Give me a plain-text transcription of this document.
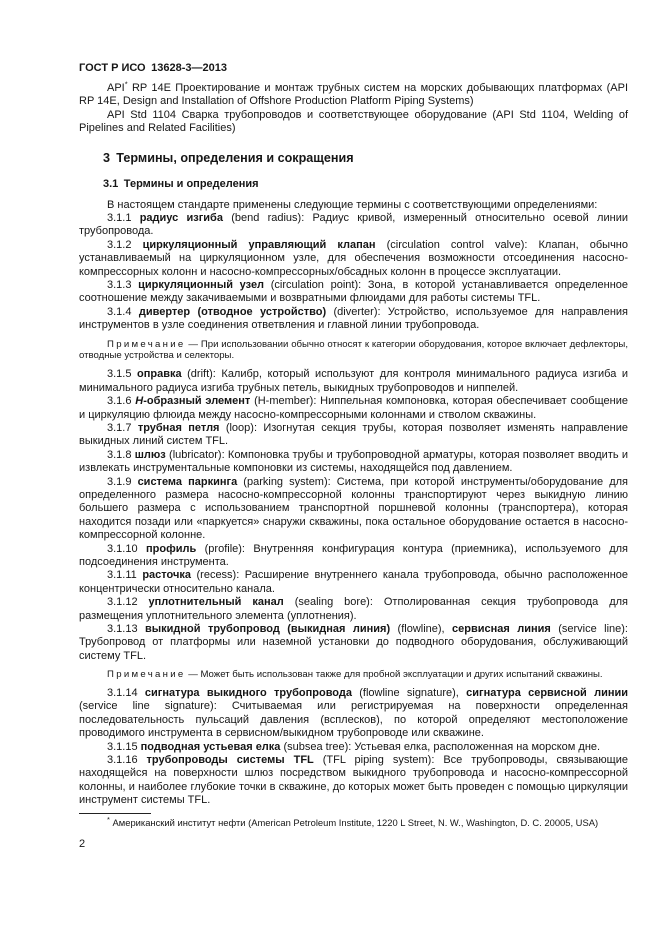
ГОСТ Р ИСО 13628-3—2013

API* RP 14E Проектирование и монтаж трубных систем на морских добывающих платформах (API RP 14E, Design and Installation of Offshore Production Platform Piping Systems)

API Std 1104 Сварка трубопроводов и соответствующее оборудование (API Std 1104, Welding of Pipelines and Related Facilities)

3 Термины, определения и сокращения
3.1 Термины и определения

В настоящем стандарте применены следующие термины с соответствующими определениями:

3.1.1 радиус изгиба (bend radius): Радиус кривой, измеренный относительно осевой линии трубопровода.

3.1.2 циркуляционный управляющий клапан (circulation control valve): Клапан, обычно устанавливаемый на циркуляционном узле, для обеспечения возможности отсоединения насосно-компрессорных колонн и насосно-компрессорных/обсадных колонн в процессе эксплуатации.

3.1.3 циркуляционный узел (circulation point): Зона, в которой устанавливается определенное соотношение между закачиваемыми и возвратными флюидами для работы системы TFL.

3.1.4 дивертер (отводное устройство) (diverter): Устройство, используемое для направления инструментов в узле соединения ответвления и главной линии трубопровода.

Примечание — При использовании обычно относят к категории оборудования, которое включает дефлекторы, отводные устройства и селекторы.

3.1.5 оправка (drift): Калибр, который используют для контроля минимального радиуса изгиба и минимального радиуса изгиба трубных петель, выкидных трубопроводов и ниппелей.

3.1.6 Н-образный элемент (H-member): Ниппельная компоновка, которая обеспечивает сообщение и циркуляцию флюида между насосно-компрессорными колоннами и стволом скважины.

3.1.7 трубная петля (loop): Изогнутая секция трубы, которая позволяет изменять направление выкидных линий систем TFL.

3.1.8 шлюз (lubricator): Компоновка трубы и трубопроводной арматуры, которая позволяет вводить и извлекать инструментальные компоновки из системы, находящейся под давлением.

3.1.9 система паркинга (parking system): Система, при которой инструменты/оборудование для определенного размера насосно-компрессорной колонны транспортируют через выкидную линию большего размера с использованием транспортной поршневой колонны (транспортера), которая находится позади или «паркуется» снаружи скважины, пока остальное оборудование остается в насосно-компрессорной колонне.

3.1.10 профиль (profile): Внутренняя конфигурация контура (приемника), используемого для подсоединения инструмента.

3.1.11 расточка (recess): Расширение внутреннего канала трубопровода, обычно расположенное концентрически относительно канала.

3.1.12 уплотнительный канал (sealing bore): Отполированная секция трубопровода для размещения уплотнительного элемента (уплотнения).

3.1.13 выкидной трубопровод (выкидная линия) (flowline), сервисная линия (service line): Трубопровод от платформы или наземной установки до подводного оборудования, обслуживающий систему TFL.

Примечание — Может быть использован также для пробной эксплуатации и других испытаний скважины.

3.1.14 сигнатура выкидного трубопровода (flowline signature), сигнатура сервисной линии (service line signature): Считываемая или регистрируемая на поверхности определенная последовательность пульсаций давления (всплесков), по которой определяют местоположение проводимого инструмента в сервисном/выкидном трубопроводе или скважине.

3.1.15 подводная устьевая елка (subsea tree): Устьевая елка, расположенная на морском дне.

3.1.16 трубопроводы системы TFL (TFL piping system): Все трубопроводы, связывающие находящейся на поверхности шлюз посредством выкидного трубопровода и насосно-компрессорной колонны, и наиболее глубокие точки в скважине, до которых может быть проведен с помощью циркуляции инструмент системы TFL.

* Американский институт нефти (American Petroleum Institute, 1220 L Street, N. W., Washington, D. C. 20005, USA)
2
